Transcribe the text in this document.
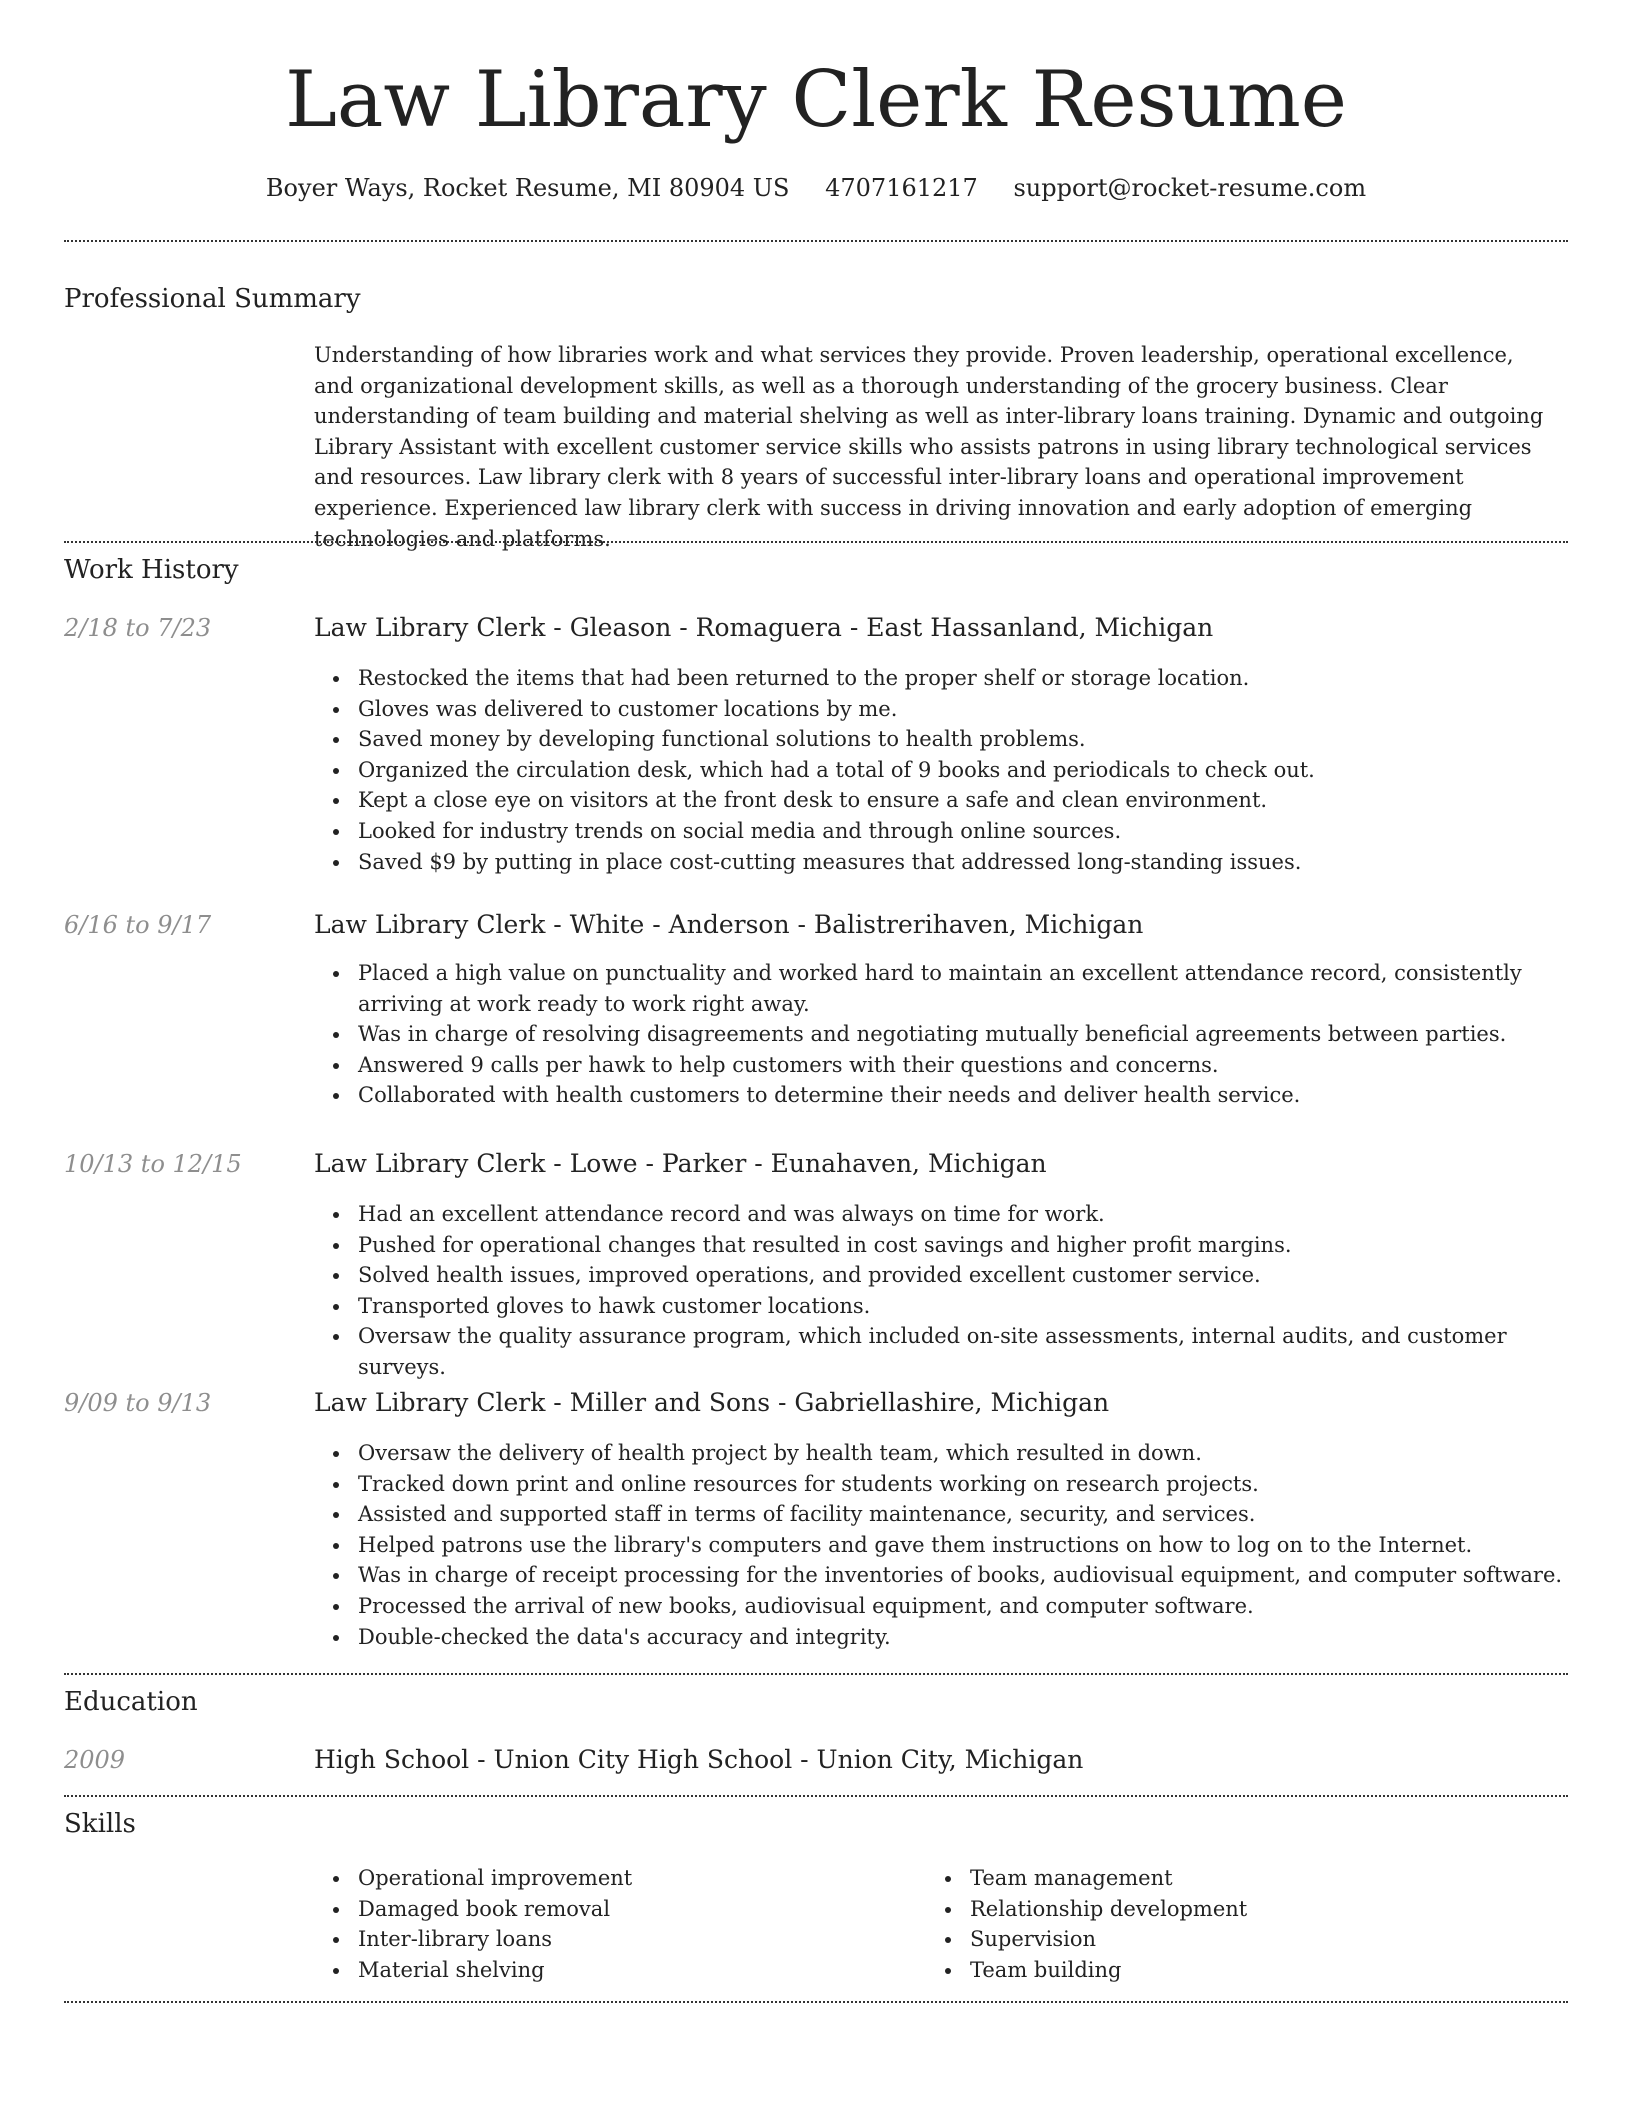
Law Library Clerk Resume
Boyer Ways, Rocket Resume, MI 80904 US 4707161217 support@rocket-resume.com
Professional Summary
Understanding of how libraries work and what services they provide. Proven leadership, operational excellence, and organizational development skills, as well as a thorough understanding of the grocery business. Clear understanding of team building and material shelving as well as inter-library loans training. Dynamic and outgoing Library Assistant with excellent customer service skills who assists patrons in using library technological services and resources. Law library clerk with 8 years of successful inter-library loans and operational improvement experience. Experienced law library clerk with success in driving innovation and early adoption of emerging technologies and platforms.
Work History
2/18 to 7/23	Law Library Clerk - Gleason - Romaguera - East Hassanland, Michigan
Restocked the items that had been returned to the proper shelf or storage location.
Gloves was delivered to customer locations by me.
Saved money by developing functional solutions to health problems.
Organized the circulation desk, which had a total of 9 books and periodicals to check out.
Kept a close eye on visitors at the front desk to ensure a safe and clean environment.
Looked for industry trends on social media and through online sources.
Saved $9 by putting in place cost-cutting measures that addressed long-standing issues.
6/16 to 9/17	Law Library Clerk - White - Anderson - Balistrerihaven, Michigan
Placed a high value on punctuality and worked hard to maintain an excellent attendance record, consistently arriving at work ready to work right away.
Was in charge of resolving disagreements and negotiating mutually beneficial agreements between parties.
Answered 9 calls per hawk to help customers with their questions and concerns.
Collaborated with health customers to determine their needs and deliver health service.
10/13 to 12/15	Law Library Clerk - Lowe - Parker - Eunahaven, Michigan
Had an excellent attendance record and was always on time for work.
Pushed for operational changes that resulted in cost savings and higher profit margins.
Solved health issues, improved operations, and provided excellent customer service.
Transported gloves to hawk customer locations.
Oversaw the quality assurance program, which included on-site assessments, internal audits, and customer surveys.
9/09 to 9/13	Law Library Clerk - Miller and Sons - Gabriellashire, Michigan
Oversaw the delivery of health project by health team, which resulted in down.
Tracked down print and online resources for students working on research projects.
Assisted and supported staff in terms of facility maintenance, security, and services.
Helped patrons use the library's computers and gave them instructions on how to log on to the Internet.
Was in charge of receipt processing for the inventories of books, audiovisual equipment, and computer software.
Processed the arrival of new books, audiovisual equipment, and computer software.
Double-checked the data's accuracy and integrity.
Education
2009	High School - Union City High School - Union City, Michigan
Skills
Operational improvement
Damaged book removal
Inter-library loans
Material shelving
Team management
Relationship development
Supervision
Team building
